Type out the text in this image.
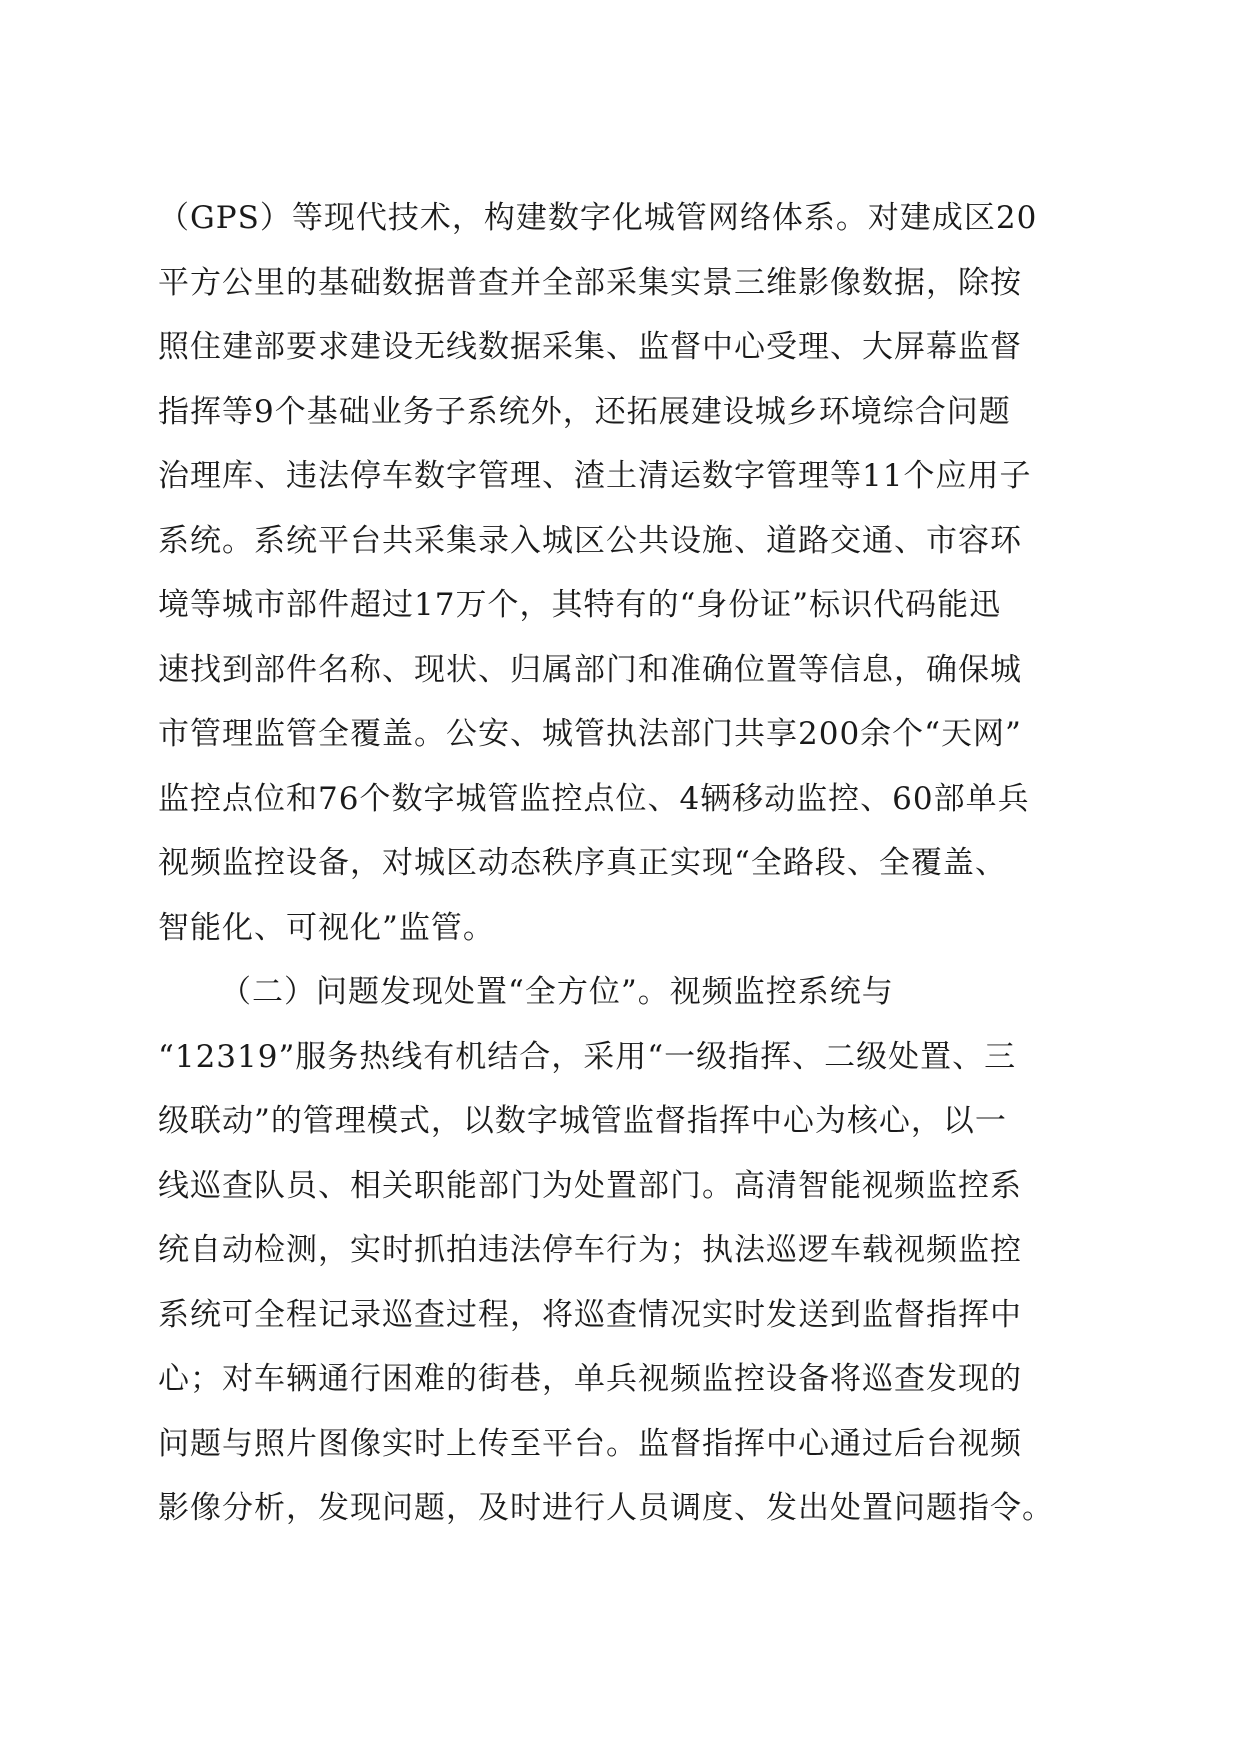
（GPS）等现代技术，构建数字化城管网络体系。对建成区20
平方公里的基础数据普查并全部采集实景三维影像数据，除按
照住建部要求建设无线数据采集、监督中心受理、大屏幕监督
指挥等9个基础业务子系统外，还拓展建设城乡环境综合问题
治理库、违法停车数字管理、渣土清运数字管理等11个应用子
系统。系统平台共采集录入城区公共设施、道路交通、市容环
境等城市部件超过17万个，其特有的“身份证”标识代码能迅
速找到部件名称、现状、归属部门和准确位置等信息，确保城
市管理监管全覆盖。公安、城管执法部门共享200余个“天网”
监控点位和76个数字城管监控点位、4辆移动监控、60部单兵
视频监控设备，对城区动态秩序真正实现“全路段、全覆盖、
智能化、可视化”监管。
（二）问题发现处置“全方位”。视频监控系统与
“12319”服务热线有机结合，采用“一级指挥、二级处置、三
级联动”的管理模式，以数字城管监督指挥中心为核心，以一
线巡查队员、相关职能部门为处置部门。高清智能视频监控系
统自动检测，实时抓拍违法停车行为；执法巡逻车载视频监控
系统可全程记录巡查过程，将巡查情况实时发送到监督指挥中
心；对车辆通行困难的街巷，单兵视频监控设备将巡查发现的
问题与照片图像实时上传至平台。监督指挥中心通过后台视频
影像分析，发现问题，及时进行人员调度、发出处置问题指令。
